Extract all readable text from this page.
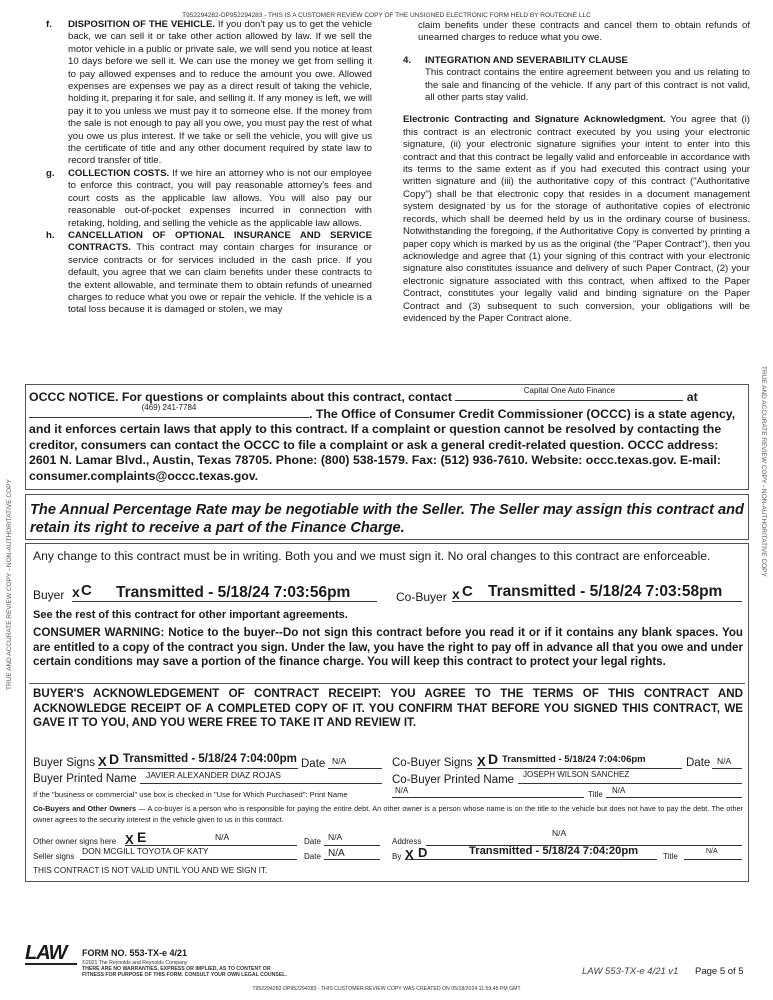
T952294282-DP952294283 - THIS IS A CUSTOMER REVIEW COPY OF THE UNSIGNED ELECTRONIC FORM HELD BY ROUTEONE LLC
f. DISPOSITION OF THE VEHICLE. If you don't pay us to get the vehicle back, we can sell it or take other action allowed by law. If we sell the motor vehicle in a public or private sale, we will send you notice at least 10 days before we sell it. We can use the money we get from selling it to pay allowed expenses and to reduce the amount you owe. Allowed expenses are expenses we pay as a direct result of taking the vehicle, holding it, preparing it for sale, and selling it. If any money is left, we will pay it to you unless we must pay it to someone else. If the money from the sale is not enough to pay all you owe, you must pay the rest of what you owe us plus interest. If we take or sell the vehicle, you will give us the certificate of title and any other document required by state law to record transfer of title.
g. COLLECTION COSTS. If we hire an attorney who is not our employee to enforce this contract, you will pay reasonable attorney's fees and court costs as the applicable law allows. You will also pay our reasonable out-of-pocket expenses incurred in connection with retaking, holding, and selling the vehicle as the applicable law allows.
h. CANCELLATION OF OPTIONAL INSURANCE AND SERVICE CONTRACTS. This contract may contain charges for insurance or service contracts or for services included in the cash price. If you default, you agree that we can claim benefits under these contracts to the extent allowable, and terminate them to obtain refunds of unearned charges to reduce what you owe or repair the vehicle. If the vehicle is a total loss because it is damaged or stolen, we may
claim benefits under these contracts and cancel them to obtain refunds of unearned charges to reduce what you owe.
4. INTEGRATION AND SEVERABILITY CLAUSE
This contract contains the entire agreement between you and us relating to the sale and financing of the vehicle. If any part of this contract is not valid, all other parts stay valid.
Electronic Contracting and Signature Acknowledgment. You agree that (i) this contract is an electronic contract executed by you using your electronic signature, (ii) your electronic signature signifies your intent to enter into this contract and that this contract be legally valid and enforceable in accordance with its terms to the same extent as if you had executed this contract using your written signature and (iii) the authoritative copy of this contract ("Authoritative Copy") shall be that electronic copy that resides in a document management system designated by us for the storage of authoritative copies of electronic records, which shall be deemed held by us in the ordinary course of business. Notwithstanding the foregoing, if the Authoritative Copy is converted by printing a paper copy which is marked by us as the original (the "Paper Contract"), then you acknowledge and agree that (1) your signing of this contract with your electronic signature also constitutes issuance and delivery of such Paper Contract, (2) your electronic signature associated with this contract, when affixed to the Paper Contract, constitutes your legally valid and binding signature on the Paper Contract and (3) subsequent to such conversion, your obligations will be evidenced by the Paper Contract alone.
TRUE AND ACCURATE REVIEW COPY - NON-AUTHORITATIVE COPY
TRUE AND ACCURATE REVIEW COPY - NON-AUTHORITATIVE COPY
OCCC NOTICE. For questions or complaints about this contract, contact	Capital One Auto Finance	at

(469) 241-7784	. The Office of Consumer Credit Commissioner (OCCC) is a state agency, and it enforces certain laws that apply to this contract. If a complaint or question cannot be resolved by contacting the creditor, consumers can contact the OCCC to file a complaint or ask a general credit-related question. OCCC address: 2601 N. Lamar Blvd., Austin, Texas 78705. Phone: (800) 538-1579. Fax: (512) 936-7610. Website: occc.texas.gov. E-mail: consumer.complaints@occc.texas.gov.
The Annual Percentage Rate may be negotiable with the Seller. The Seller may assign this contract and retain its right to receive a part of the Finance Charge.
Any change to this contract must be in writing. Both you and we must sign it. No oral changes to this contract are enforceable.
Buyer x C Transmitted - 5/18/24 7:03:56pm	Co-Buyer x C Transmitted - 5/18/24 7:03:58pm
See the rest of this contract for other important agreements.
CONSUMER WARNING: Notice to the buyer--Do not sign this contract before you read it or if it contains any blank spaces. You are entitled to a copy of the contract you sign. Under the law, you have the right to pay off in advance all that you owe and under certain conditions may save a portion of the finance charge. You will keep this contract to protect your legal rights.
BUYER'S ACKNOWLEDGEMENT OF CONTRACT RECEIPT: YOU AGREE TO THE TERMS OF THIS CONTRACT AND ACKNOWLEDGE RECEIPT OF A COMPLETED COPY OF IT. YOU CONFIRM THAT BEFORE YOU SIGNED THIS CONTRACT, WE GAVE IT TO YOU, AND YOU WERE FREE TO TAKE IT AND REVIEW IT.
Buyer Signs X D Transmitted - 5/18/24 7:04:00pm Date N/A	Co-Buyer Signs X D Transmitted - 5/18/24 7:04:06pm	Date N/A
Buyer Printed Name JAVIER ALEXANDER DIAZ ROJAS	Co-Buyer Printed Name JOSEPH WILSON SANCHEZ
If the "business or commercial" use box is checked in "Use for Which Purchased": Print Name	N/A	Title N/A
Co-Buyers and Other Owners — A co-buyer is a person who is responsible for paying the entire debt. An other owner is a person whose name is on the title to the vehicle but does not have to pay the debt. The other owner agrees to the security interest in the vehicle given to us in this contract.
Other owner signs here X E	N/A	Date N/A	Address
N/A
Seller signs
DON MCGILL TOYOTA OF KATY
Date N/A	By X D	Transmitted - 5/18/24 7:04:20pm	Title
N/A
THIS CONTRACT IS NOT VALID UNTIL YOU AND WE SIGN IT.
LAW FORM NO. 553-TX-e 4/21
©2021 The Reynolds and Reynolds Company
THERE ARE NO WARRANTIES, EXPRESS OR IMPLIED, AS TO CONTENT OR
FITNESS FOR PURPOSE OF THIS FORM. CONSULT YOUR OWN LEGAL COUNSEL.	LAW 553-TX-e 4/21 v1 Page 5 of 5
T952294282-DP952294283 - THIS CUSTOMER REVIEW COPY WAS CREATED ON 05/18/2024 11:59:45 PM GMT
